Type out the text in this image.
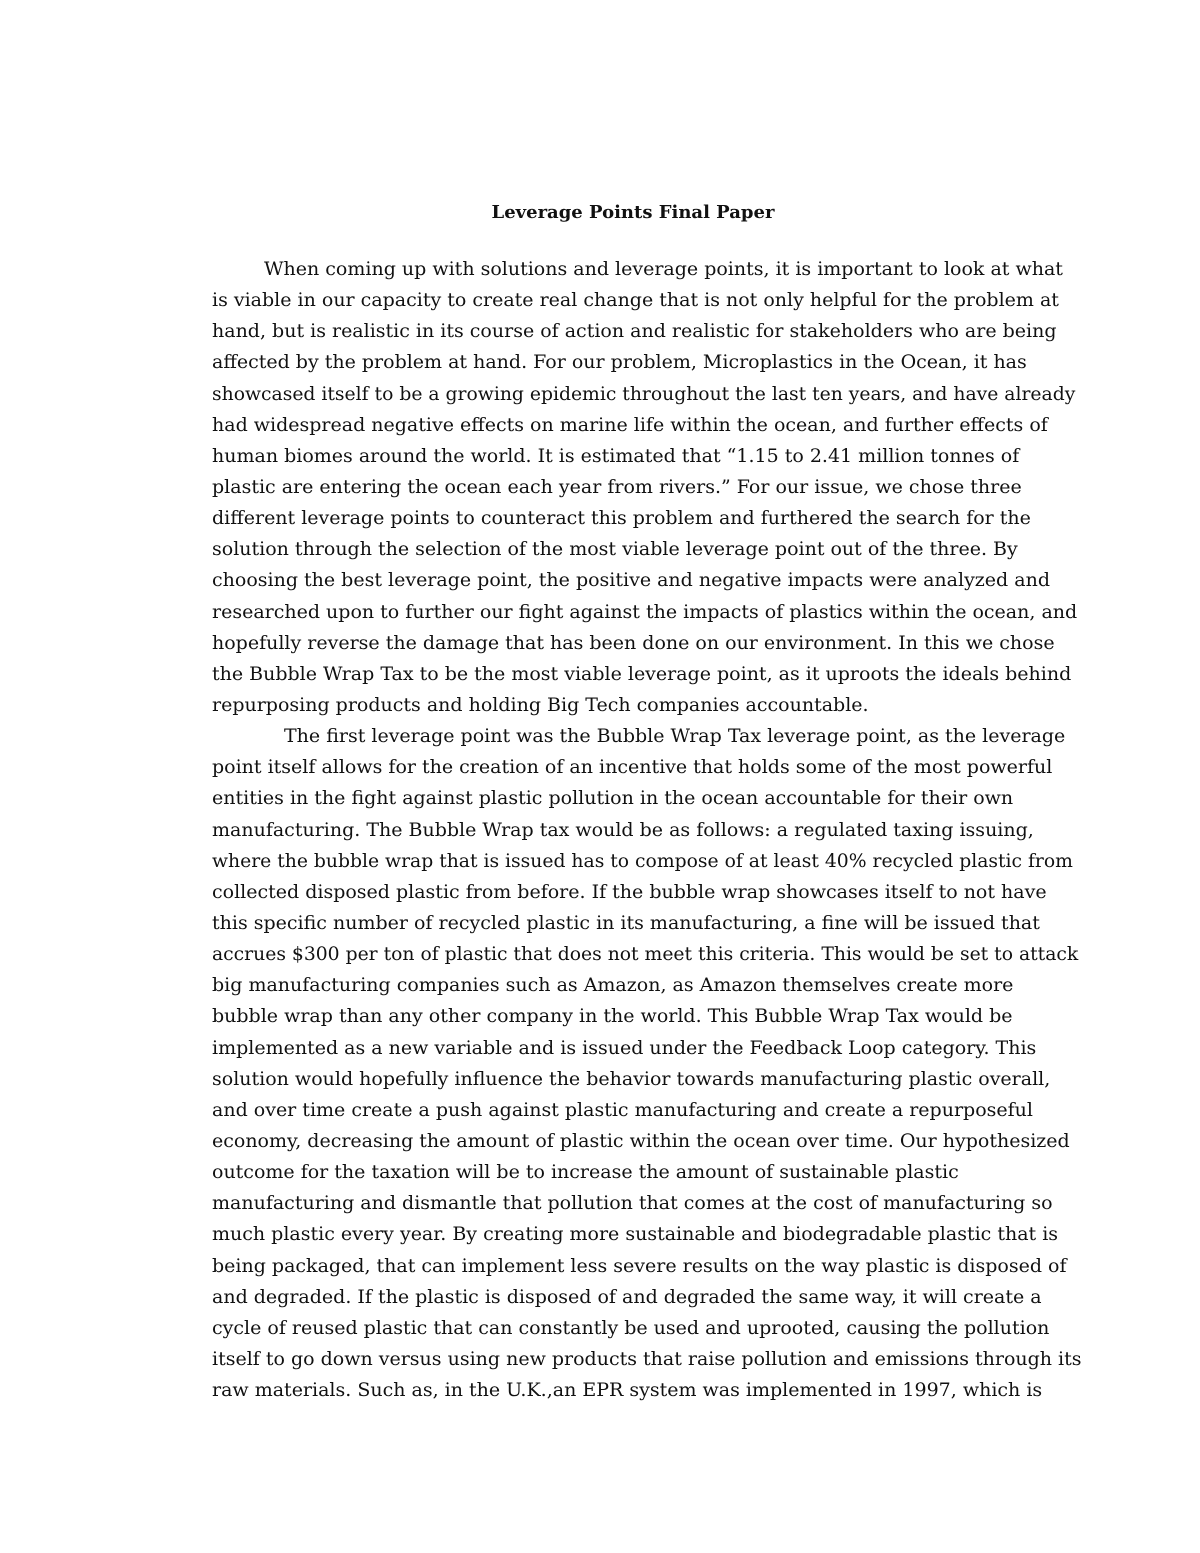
Leverage Points Final Paper

When coming up with solutions and leverage points, it is important to look at what

is viable in our capacity to create real change that is not only helpful for the problem at

hand, but is realistic in its course of action and realistic for stakeholders who are being

affected by the problem at hand. For our problem, Microplastics in the Ocean, it has

showcased itself to be a growing epidemic throughout the last ten years, and have already

had widespread negative effects on marine life within the ocean, and further effects of

human biomes around the world. It is estimated that “1.15 to 2.41 million tonnes of

plastic are entering the ocean each year from rivers.” For our issue, we chose three

different leverage points to counteract this problem and furthered the search for the

solution through the selection of the most viable leverage point out of the three. By

choosing the best leverage point, the positive and negative impacts were analyzed and

researched upon to further our fight against the impacts of plastics within the ocean, and

hopefully reverse the damage that has been done on our environment. In this we chose

the Bubble Wrap Tax to be the most viable leverage point, as it uproots the ideals behind

repurposing products and holding Big Tech companies accountable.

The first leverage point was the Bubble Wrap Tax leverage point, as the leverage

point itself allows for the creation of an incentive that holds some of the most powerful

entities in the fight against plastic pollution in the ocean accountable for their own

manufacturing. The Bubble Wrap tax would be as follows: a regulated taxing issuing,

where the bubble wrap that is issued has to compose of at least 40% recycled plastic from

collected disposed plastic from before. If the bubble wrap showcases itself to not have

this specific number of recycled plastic in its manufacturing, a fine will be issued that

accrues $300 per ton of plastic that does not meet this criteria. This would be set to attack

big manufacturing companies such as Amazon, as Amazon themselves create more

bubble wrap than any other company in the world. This Bubble Wrap Tax would be

implemented as a new variable and is issued under the Feedback Loop category. This

solution would hopefully influence the behavior towards manufacturing plastic overall,

and over time create a push against plastic manufacturing and create a repurposeful

economy, decreasing the amount of plastic within the ocean over time. Our hypothesized

outcome for the taxation will be to increase the amount of sustainable plastic

manufacturing and dismantle that pollution that comes at the cost of manufacturing so

much plastic every year. By creating more sustainable and biodegradable plastic that is

being packaged, that can implement less severe results on the way plastic is disposed of

and degraded. If the plastic is disposed of and degraded the same way, it will create a

cycle of reused plastic that can constantly be used and uprooted, causing the pollution

itself to go down versus using new products that raise pollution and emissions through its

raw materials. Such as, in the U.K.,an EPR system was implemented in 1997, which is
